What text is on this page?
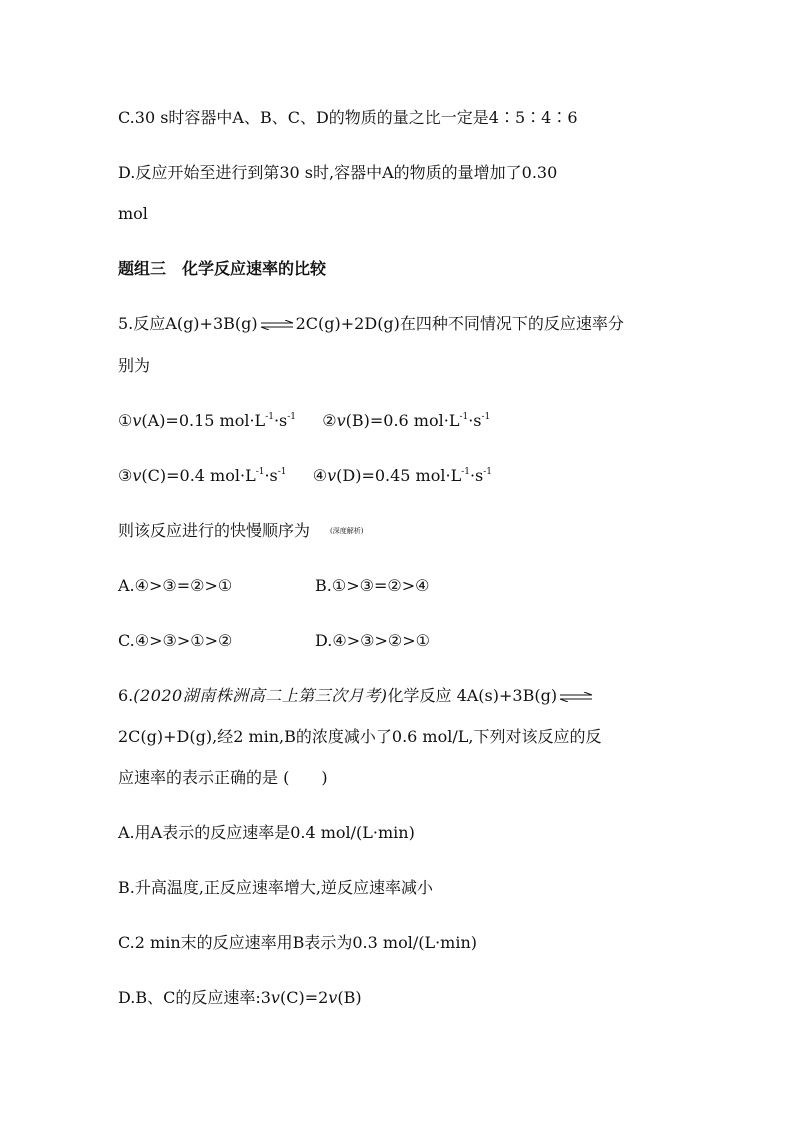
C.30 s时容器中A、B、C、D的物质的量之比一定是4∶5∶4∶6
D.反应开始至进行到第30 s时,容器中A的物质的量增加了0.30
mol
题组三　化学反应速率的比较
5.反应A(g)+3B(g) ⇌ 2C(g)+2D(g)在四种不同情况下的反应速率分
别为
①v(A)=0.15 $mol\cdot L^{-1}\cdot s^{-1}$ ②v(B)=0.6 $mol\cdot L^{-1}\cdot s^{-1}$
③v(C)=0.4 $mol\cdot L^{-1}\cdot s^{-1}$ ④v(D)=0.45 $mol\cdot L^{-1}\cdot s^{-1}$
则该反应进行的快慢顺序为	(深度解析)
A.④>③=②>①	B.①>③=②>④
C.④>③>①>②	D.④>③>②>①
6.(2020湖南株洲高二上第三次月考)化学反应 4A(s)+3B(g) ⇌
2C(g)+D(g),经2 min,B的浓度减小了0.6 mol/L,下列对该反应的反
应速率的表示正确的是 (　　)
A.用A表示的反应速率是0.4 mol/(L·min)
B.升高温度,正反应速率增大,逆反应速率减小
C.2 min末的反应速率用B表示为0.3 mol/(L·min)
D.B、C的反应速率:3v(C)=2v(B)
